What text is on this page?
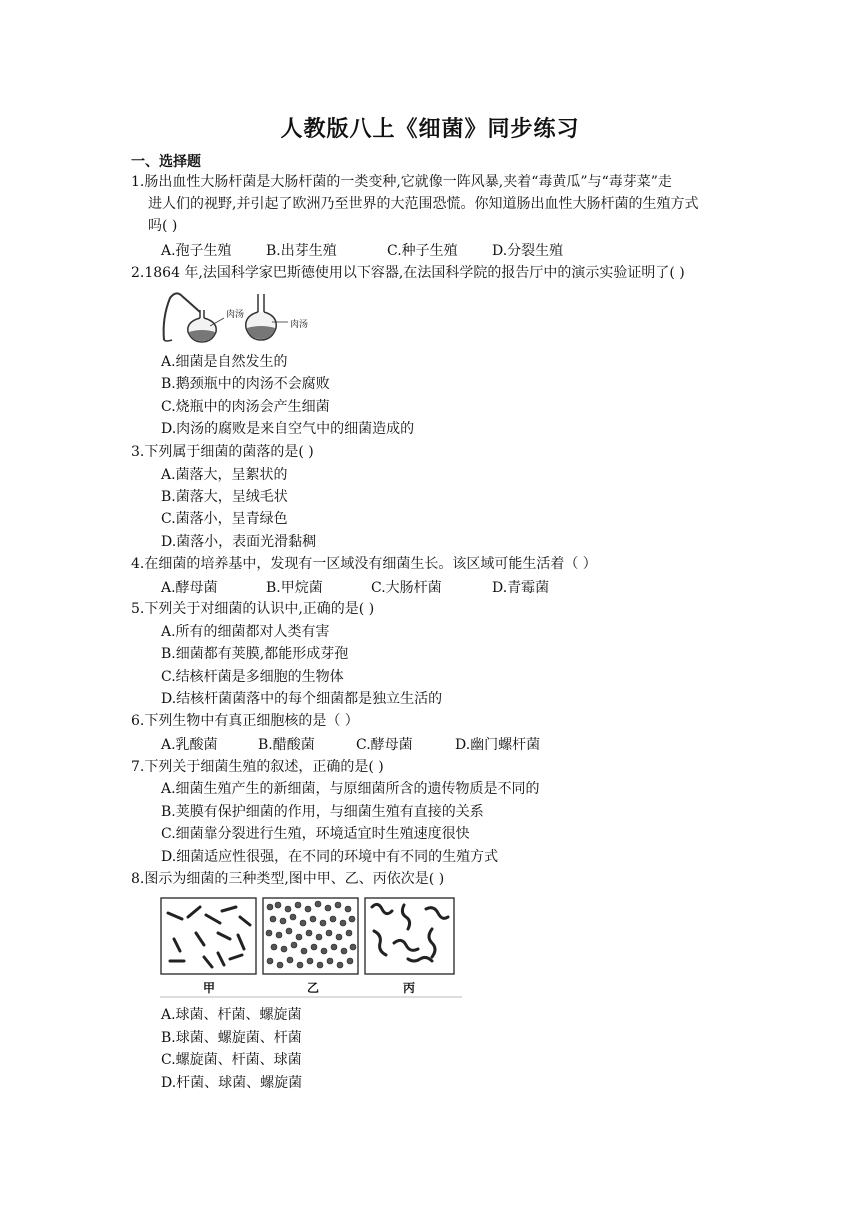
人教版八上《细菌》同步练习
一、选择题
1.肠出血性大肠杆菌是大肠杆菌的一类变种,它就像一阵风暴,夹着“毒黄瓜”与“毒芽菜”走
进人们的视野,并引起了欧洲乃至世界的大范围恐慌。你知道肠出血性大肠杆菌的生殖方式
吗( )
A.孢子生殖 B.出芽生殖	C.种子生殖 D.分裂生殖
2.1864 年,法国科学家巴斯德使用以下容器,在法国科学院的报告厅中的演示实验证明了( )
肉汤
肉汤
A.细菌是自然发生的
B.鹅颈瓶中的肉汤不会腐败
C.烧瓶中的肉汤会产生细菌
D.肉汤的腐败是来自空气中的细菌造成的
3.下列属于细菌的菌落的是( )
A.菌落大，呈絮状的
B.菌落大，呈绒毛状
C.菌落小，呈青绿色
D.菌落小，表面光滑黏稠
4.在细菌的培养基中，发现有一区域没有细菌生长。该区域可能生活着（ ）
A.酵母菌	B.甲烷菌	C.大肠杆菌	D.青霉菌
5.下列关于对细菌的认识中,正确的是( )
A.所有的细菌都对人类有害
B.细菌都有荚膜,都能形成芽孢
C.结核杆菌是多细胞的生物体
D.结核杆菌菌落中的每个细菌都是独立生活的
6.下列生物中有真正细胞核的是（ ）
A.乳酸菌	B.醋酸菌	C.酵母菌	D.幽门螺杆菌
7.下列关于细菌生殖的叙述，正确的是( )
A.细菌生殖产生的新细菌，与原细菌所含的遗传物质是不同的
B.荚膜有保护细菌的作用，与细菌生殖有直接的关系
C.细菌靠分裂进行生殖，环境适宜时生殖速度很快
D.细菌适应性很强，在不同的环境中有不同的生殖方式
8.图示为细菌的三种类型,图中甲、乙、丙依次是( )
甲	乙	丙
A.球菌、杆菌、螺旋菌
B.球菌、螺旋菌、杆菌
C.螺旋菌、杆菌、球菌
D.杆菌、球菌、螺旋菌
